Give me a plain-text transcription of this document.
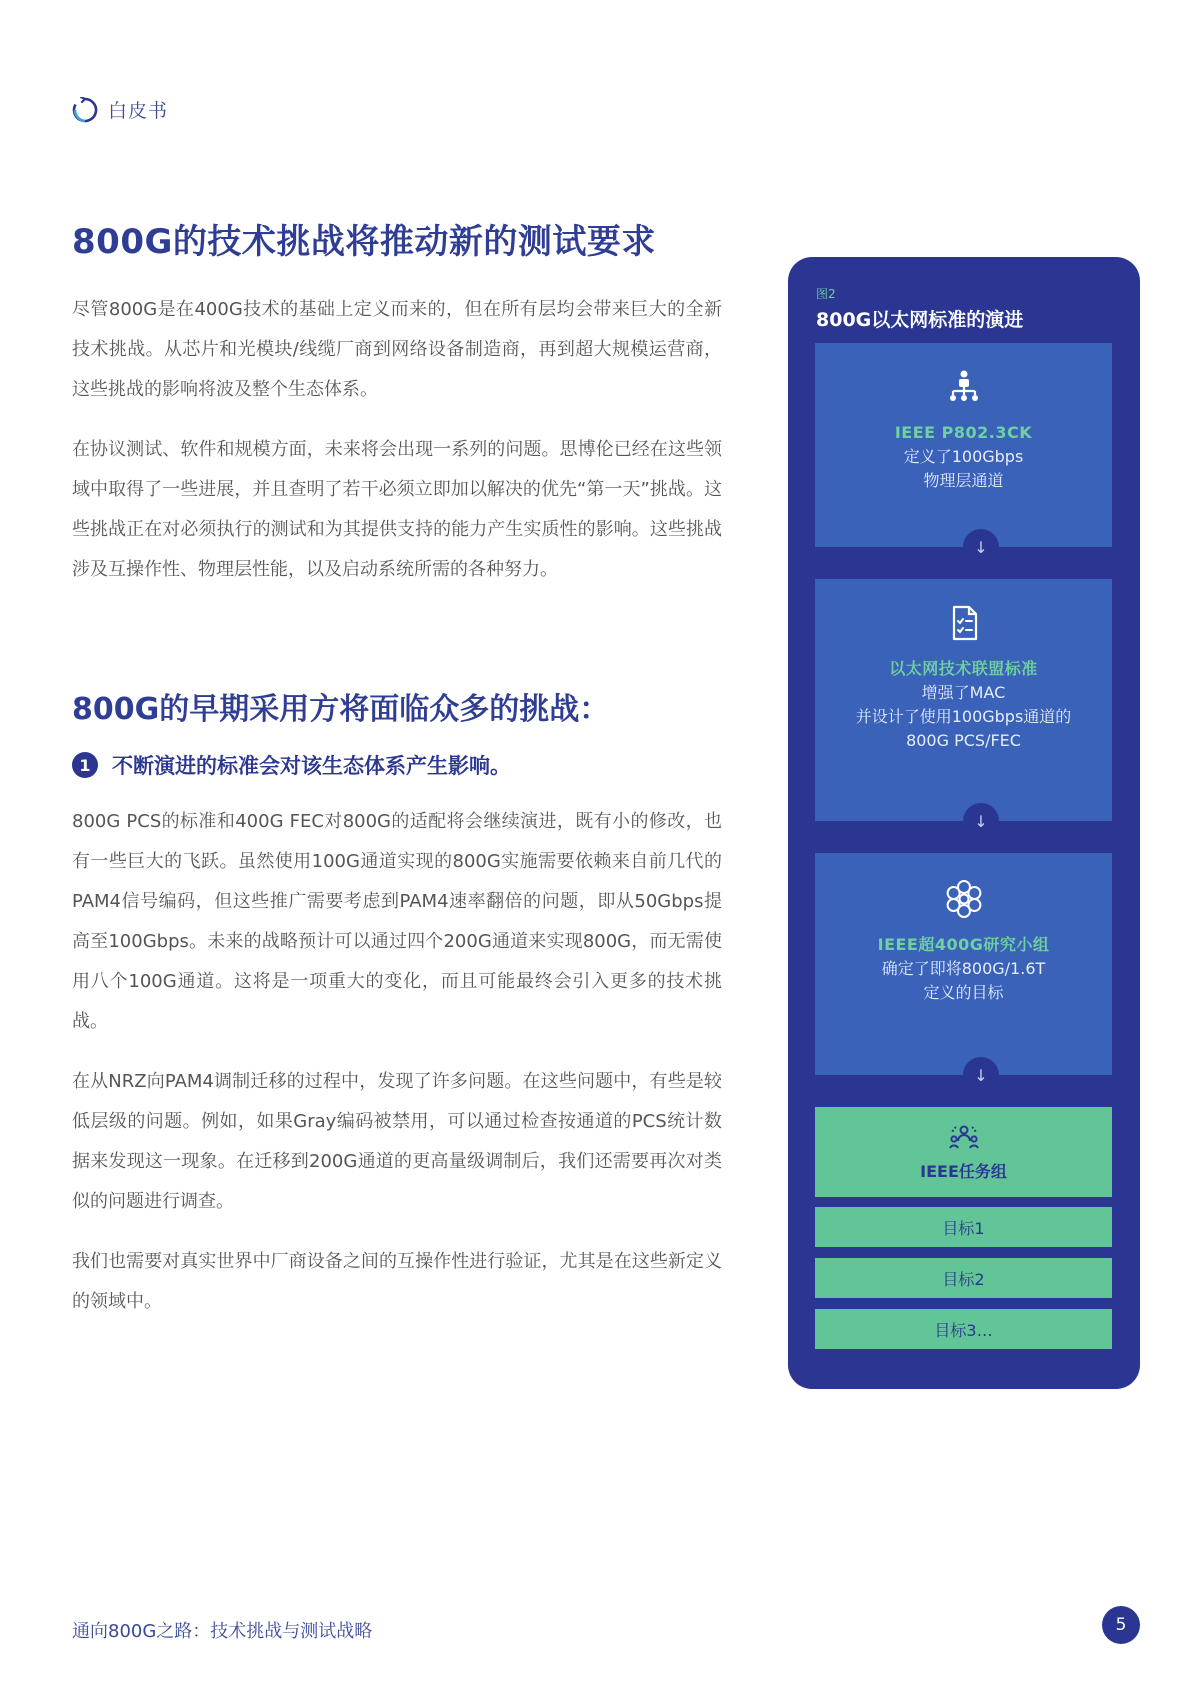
白皮书
800G的技术挑战将推动新的测试要求

尽管800G是在400G技术的基础上定义而来的，但在所有层均会带来巨大的全新技术挑战。从芯片和光模块/线缆厂商到网络设备制造商，再到超大规模运营商，这些挑战的影响将波及整个生态体系。

在协议测试、软件和规模方面，未来将会出现一系列的问题。思博伦已经在这些领域中取得了一些进展，并且查明了若干必须立即加以解决的优先“第一天”挑战。这些挑战正在对必须执行的测试和为其提供支持的能力产生实质性的影响。这些挑战涉及互操作性、物理层性能，以及启动系统所需的各种努力。

800G的早期采用方将面临众多的挑战：
1	不断演进的标准会对该生态体系产生影响。

800G PCS的标准和400G FEC对800G的适配将会继续演进，既有小的修改，也有一些巨大的飞跃。虽然使用100G通道实现的800G实施需要依赖来自前几代的PAM4信号编码，但这些推广需要考虑到PAM4速率翻倍的问题，即从50Gbps提高至100Gbps。未来的战略预计可以通过四个200G通道来实现800G，而无需使用八个100G通道。这将是一项重大的变化，而且可能最终会引入更多的技术挑战。

在从NRZ向PAM4调制迁移的过程中，发现了许多问题。在这些问题中，有些是较低层级的问题。例如，如果Gray编码被禁用，可以通过检查按通道的PCS统计数据来发现这一现象。在迁移到200G通道的更高量级调制后，我们还需要再次对类似的问题进行调查。

我们也需要对真实世界中厂商设备之间的互操作性进行验证，尤其是在这些新定义的领域中。

图2
800G以太网标准的演进
IEEE P802.3CK
定义了100Gbps
物理层通道
↓
以太网技术联盟标准
增强了MAC
并设计了使用100Gbps通道的
800G PCS/FEC
↓
IEEE超400G研究小组
确定了即将800G/1.6T
定义的目标
↓
IEEE任务组
目标1
目标2
目标3…
通向800G之路：技术挑战与测试战略	5
